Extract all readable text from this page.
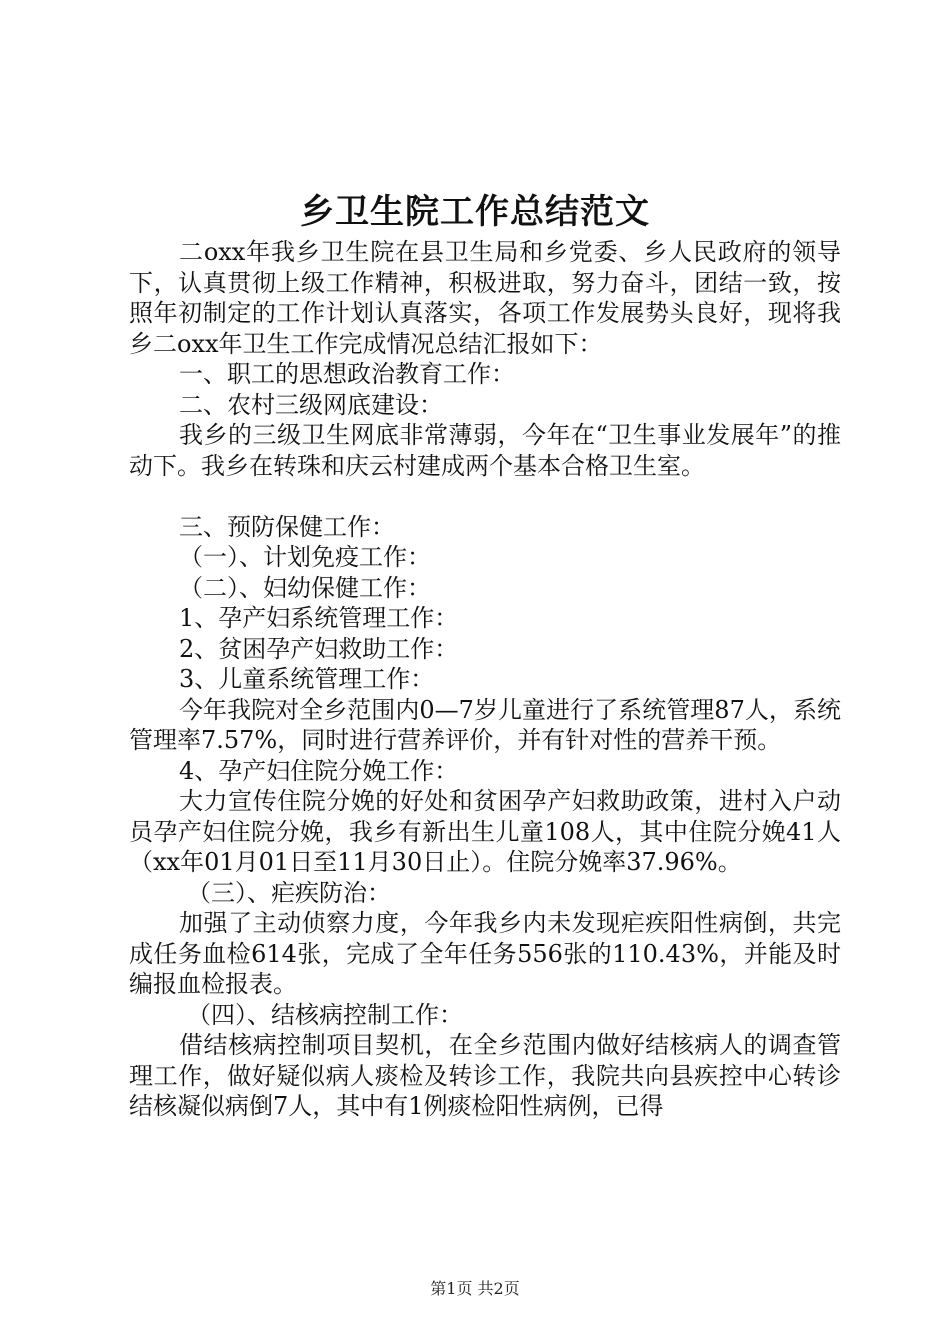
乡卫生院工作总结范文

二oxx年我乡卫生院在县卫生局和乡党委、乡人民政府的领导下，认真贯彻上级工作精神，积极进取，努力奋斗，团结一致，按照年初制定的工作计划认真落实，各项工作发展势头良好，现将我乡二oxx年卫生工作完成情况总结汇报如下：

一、职工的思想政治教育工作：

二、农村三级网底建设：

我乡的三级卫生网底非常薄弱，今年在“卫生事业发展年”的推动下。我乡在转珠和庆云村建成两个基本合格卫生室。

三、预防保健工作：

（一）、计划免疫工作：

（二）、妇幼保健工作：

1、孕产妇系统管理工作：

2、贫困孕产妇救助工作：

3、儿童系统管理工作：

今年我院对全乡范围内0—7岁儿童进行了系统管理87人，系统管理率7.57%，同时进行营养评价，并有针对性的营养干预。

4、孕产妇住院分娩工作：

大力宣传住院分娩的好处和贫困孕产妇救助政策，进村入户动员孕产妇住院分娩，我乡有新出生儿童108人，其中住院分娩41人（xx年01月01日至11月30日止）。住院分娩率37.96%。

（三）、疟疾防治：

加强了主动侦察力度，今年我乡内未发现疟疾阳性病倒，共完成任务血检614张，完成了全年任务556张的110.43%，并能及时编报血检报表。

（四）、结核病控制工作：

借结核病控制项目契机，在全乡范围内做好结核病人的调查管理工作，做好疑似病人痰检及转诊工作，我院共向县疾控中心转诊结核凝似病倒7人，其中有1例痰检阳性病例，已得

第1页 共2页
